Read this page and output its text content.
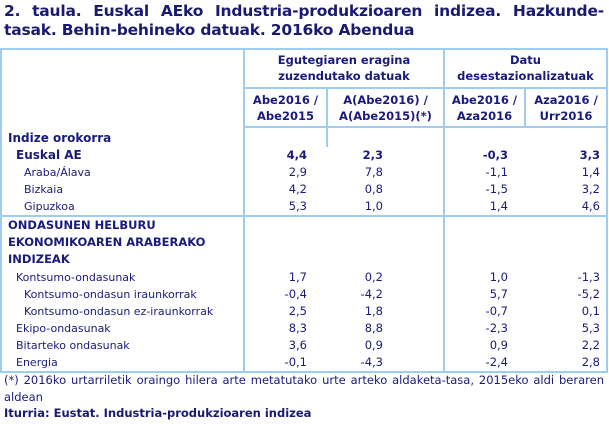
2. taula. Euskal AEko Industria-produkzioaren indizea. Hazkunde-tasak. Behin-behineko datuak. 2016ko Abendua
	Egutegiaren eragina zuzendutako datuak		Datu desestazionalizatuak	
	Abe2016 / Abe2015	A(Abe2016) / A(Abe2015)(*)	Abe2016 / Aza2016	Aza2016 / Urr2016
Indize orokorra				
Euskal AE	4,4	2,3	-0,3	3,3
Araba/Álava	2,9	7,8	-1,1	1,4
Bizkaia	4,2	0,8	-1,5	3,2
Gipuzkoa	5,3	1,0	1,4	4,6
ONDASUNEN HELBURU EKONOMIKOAREN ARABERAKO INDIZEAK				
Kontsumo-ondasunak	1,7	0,2	1,0	-1,3
Kontsumo-ondasun iraunkorrak	-0,4	-4,2	5,7	-5,2
Kontsumo-ondasun ez-iraunkorrak	2,5	1,8	-0,7	0,1
Ekipo-ondasunak	8,3	8,8	-2,3	5,3
Bitarteko ondasunak	3,6	0,9	0,9	2,2
Energia	-0,1	-4,3	-2,4	2,8
(*) 2016ko urtarriletik oraingo hilera arte metatutako urte arteko aldaketa-tasa, 2015eko aldi beraren aldean
Iturria: Eustat. Industria-produkzioaren indizea
